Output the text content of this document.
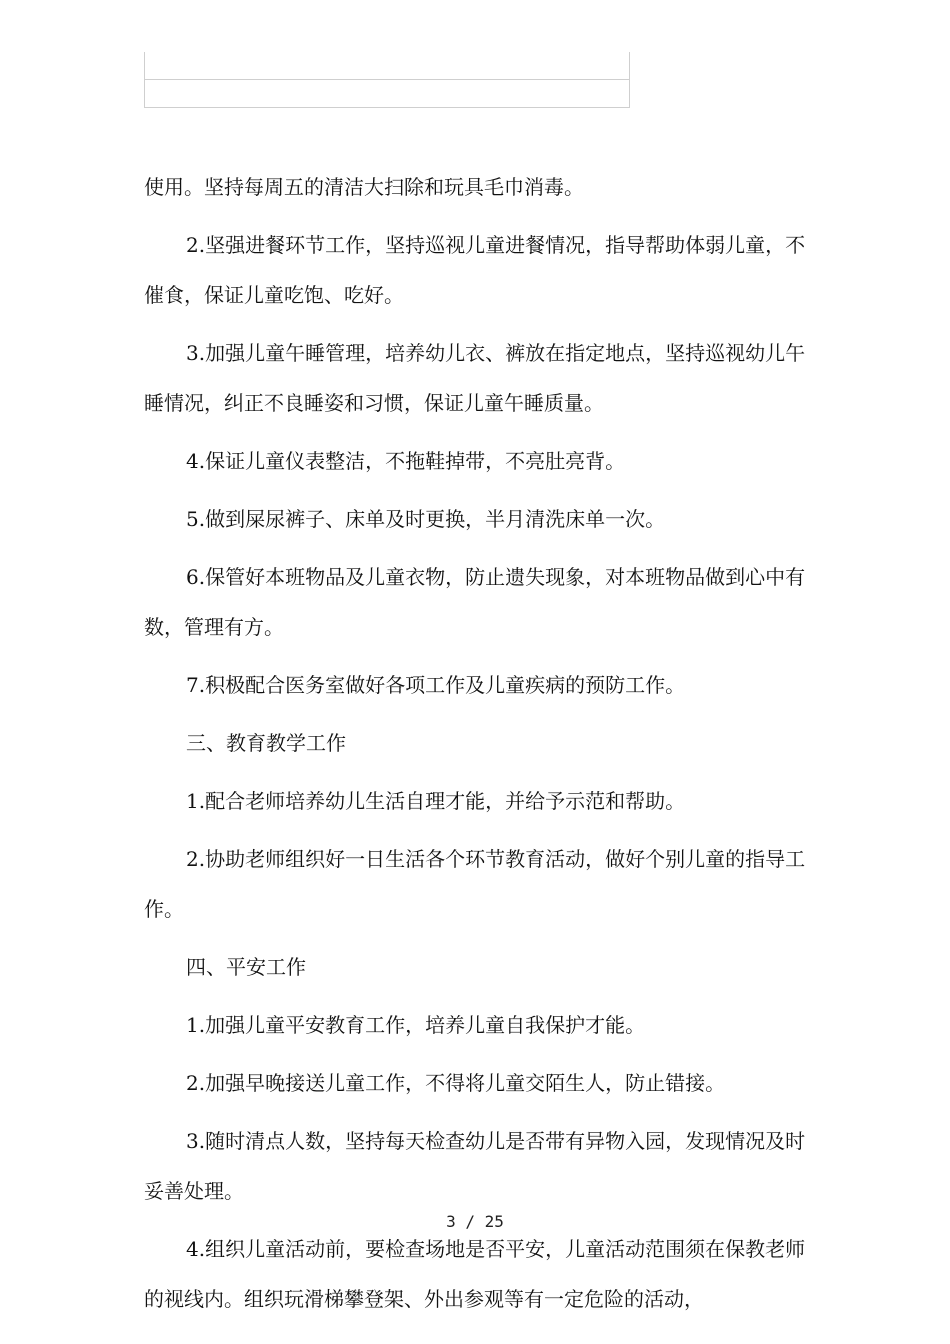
使用。坚持每周五的清洁大扫除和玩具毛巾消毒。

2.坚强进餐环节工作，坚持巡视儿童进餐情况，指导帮助体弱儿童，不催食，保证儿童吃饱、吃好。

3.加强儿童午睡管理，培养幼儿衣、裤放在指定地点，坚持巡视幼儿午睡情况，纠正不良睡姿和习惯，保证儿童午睡质量。

4.保证儿童仪表整洁，不拖鞋掉带，不亮肚亮背。

5.做到屎尿裤子、床单及时更换，半月清洗床单一次。

6.保管好本班物品及儿童衣物，防止遗失现象，对本班物品做到心中有数，管理有方。

7.积极配合医务室做好各项工作及儿童疾病的预防工作。

三、教育教学工作

1.配合老师培养幼儿生活自理才能，并给予示范和帮助。

2.协助老师组织好一日生活各个环节教育活动，做好个别儿童的指导工作。

四、平安工作

1.加强儿童平安教育工作，培养儿童自我保护才能。

2.加强早晚接送儿童工作，不得将儿童交陌生人，防止错接。

3.随时清点人数，坚持每天检查幼儿是否带有异物入园，发现情况及时妥善处理。

4.组织儿童活动前，要检查场地是否平安，儿童活动范围须在保教老师的视线内。组织玩滑梯攀登架、外出参观等有一定危险的活动，

3 / 25
